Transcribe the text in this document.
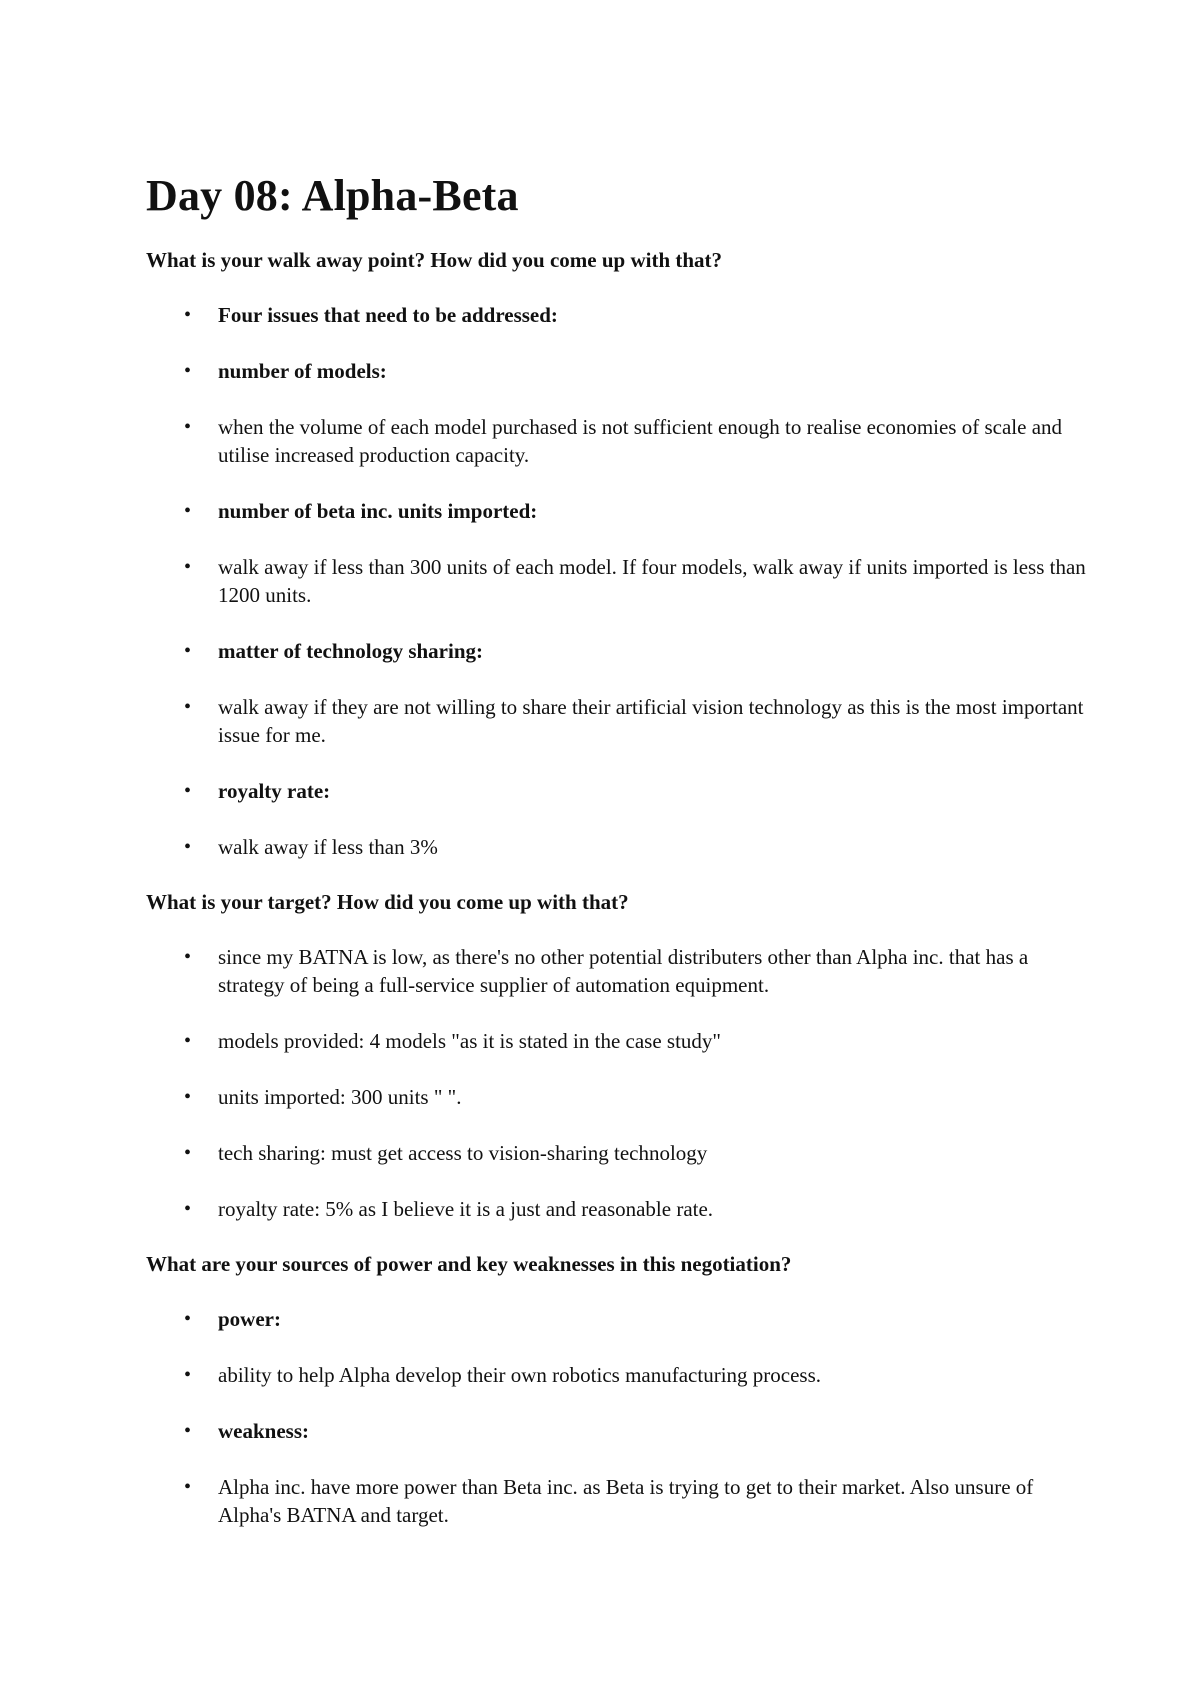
Day 08: Alpha-Beta
What is your walk away point? How did you come up with that?
• Four issues that need to be addressed:
• number of models:
• when the volume of each model purchased is not sufficient enough to realise economies of scale and utilise increased production capacity.
• number of beta inc. units imported:
• walk away if less than 300 units of each model. If four models, walk away if units imported is less than 1200 units.
• matter of technology sharing:
• walk away if they are not willing to share their artificial vision technology as this is the most important issue for me.
• royalty rate:
• walk away if less than 3%
What is your target? How did you come up with that?
• since my BATNA is low, as there's no other potential distributers other than Alpha inc. that has a strategy of being a full-service supplier of automation equipment.
• models provided: 4 models "as it is stated in the case study"
• units imported: 300 units " ".
• tech sharing: must get access to vision-sharing technology
• royalty rate: 5% as I believe it is a just and reasonable rate.
What are your sources of power and key weaknesses in this negotiation?
• power:
• ability to help Alpha develop their own robotics manufacturing process.
• weakness:
• Alpha inc. have more power than Beta inc. as Beta is trying to get to their market. Also unsure of Alpha's BATNA and target.
